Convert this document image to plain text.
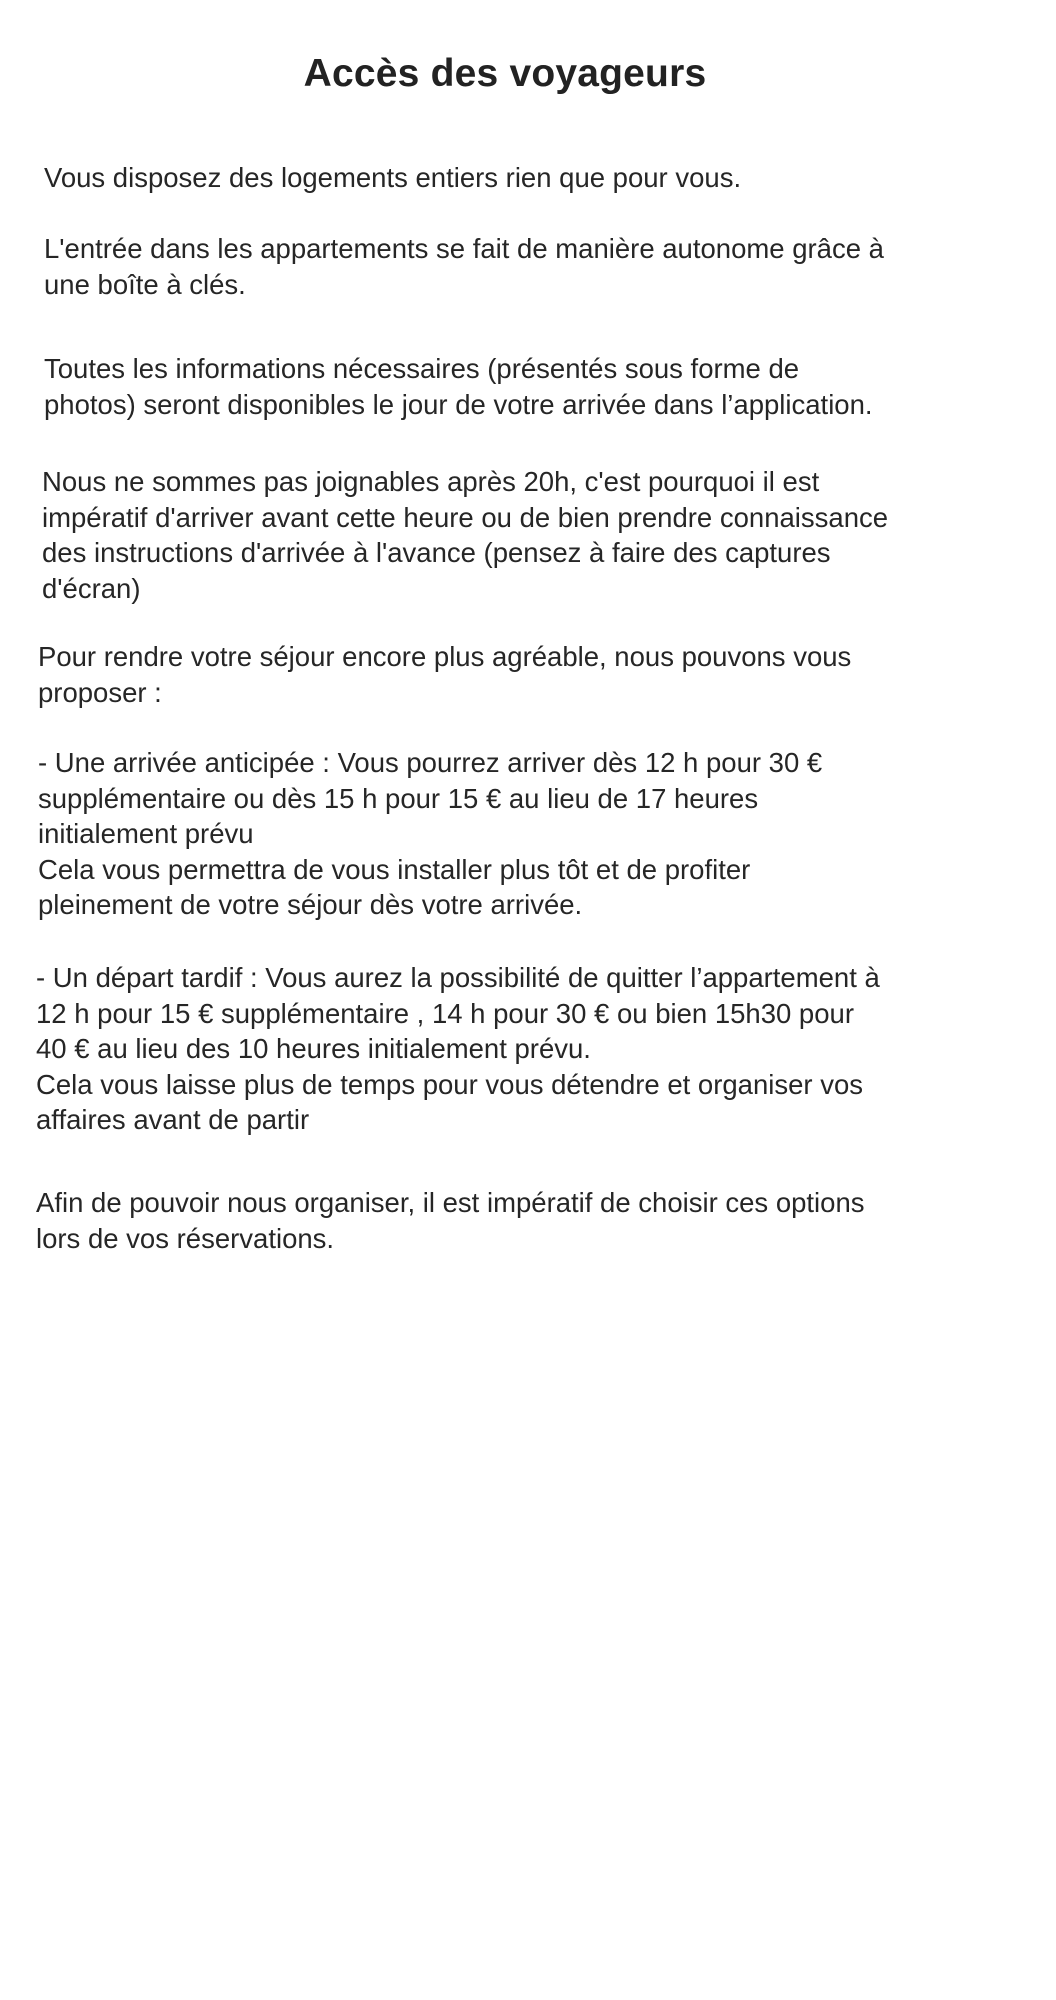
Accès des voyageurs

Vous disposez des logements entiers rien que pour vous.

L'entrée dans les appartements se fait de manière autonome grâce à
une boîte à clés.

Toutes les informations nécessaires (présentés sous forme de
photos) seront disponibles le jour de votre arrivée dans l’application.

Nous ne sommes pas joignables après 20h, c'est pourquoi il est
impératif d'arriver avant cette heure ou de bien prendre connaissance
des instructions d'arrivée à l'avance (pensez à faire des captures
d'écran)

Pour rendre votre séjour encore plus agréable, nous pouvons vous
proposer :

- Une arrivée anticipée : Vous pourrez arriver dès 12 h pour 30 €
supplémentaire ou dès 15 h pour 15 € au lieu de 17 heures
initialement prévu
Cela vous permettra de vous installer plus tôt et de profiter
pleinement de votre séjour dès votre arrivée.

- Un départ tardif : Vous aurez la possibilité de quitter l’appartement à
12 h pour 15 € supplémentaire , 14 h pour 30 € ou bien 15h30 pour
40 € au lieu des 10 heures initialement prévu.
Cela vous laisse plus de temps pour vous détendre et organiser vos
affaires avant de partir

Afin de pouvoir nous organiser, il est impératif de choisir ces options
lors de vos réservations.
